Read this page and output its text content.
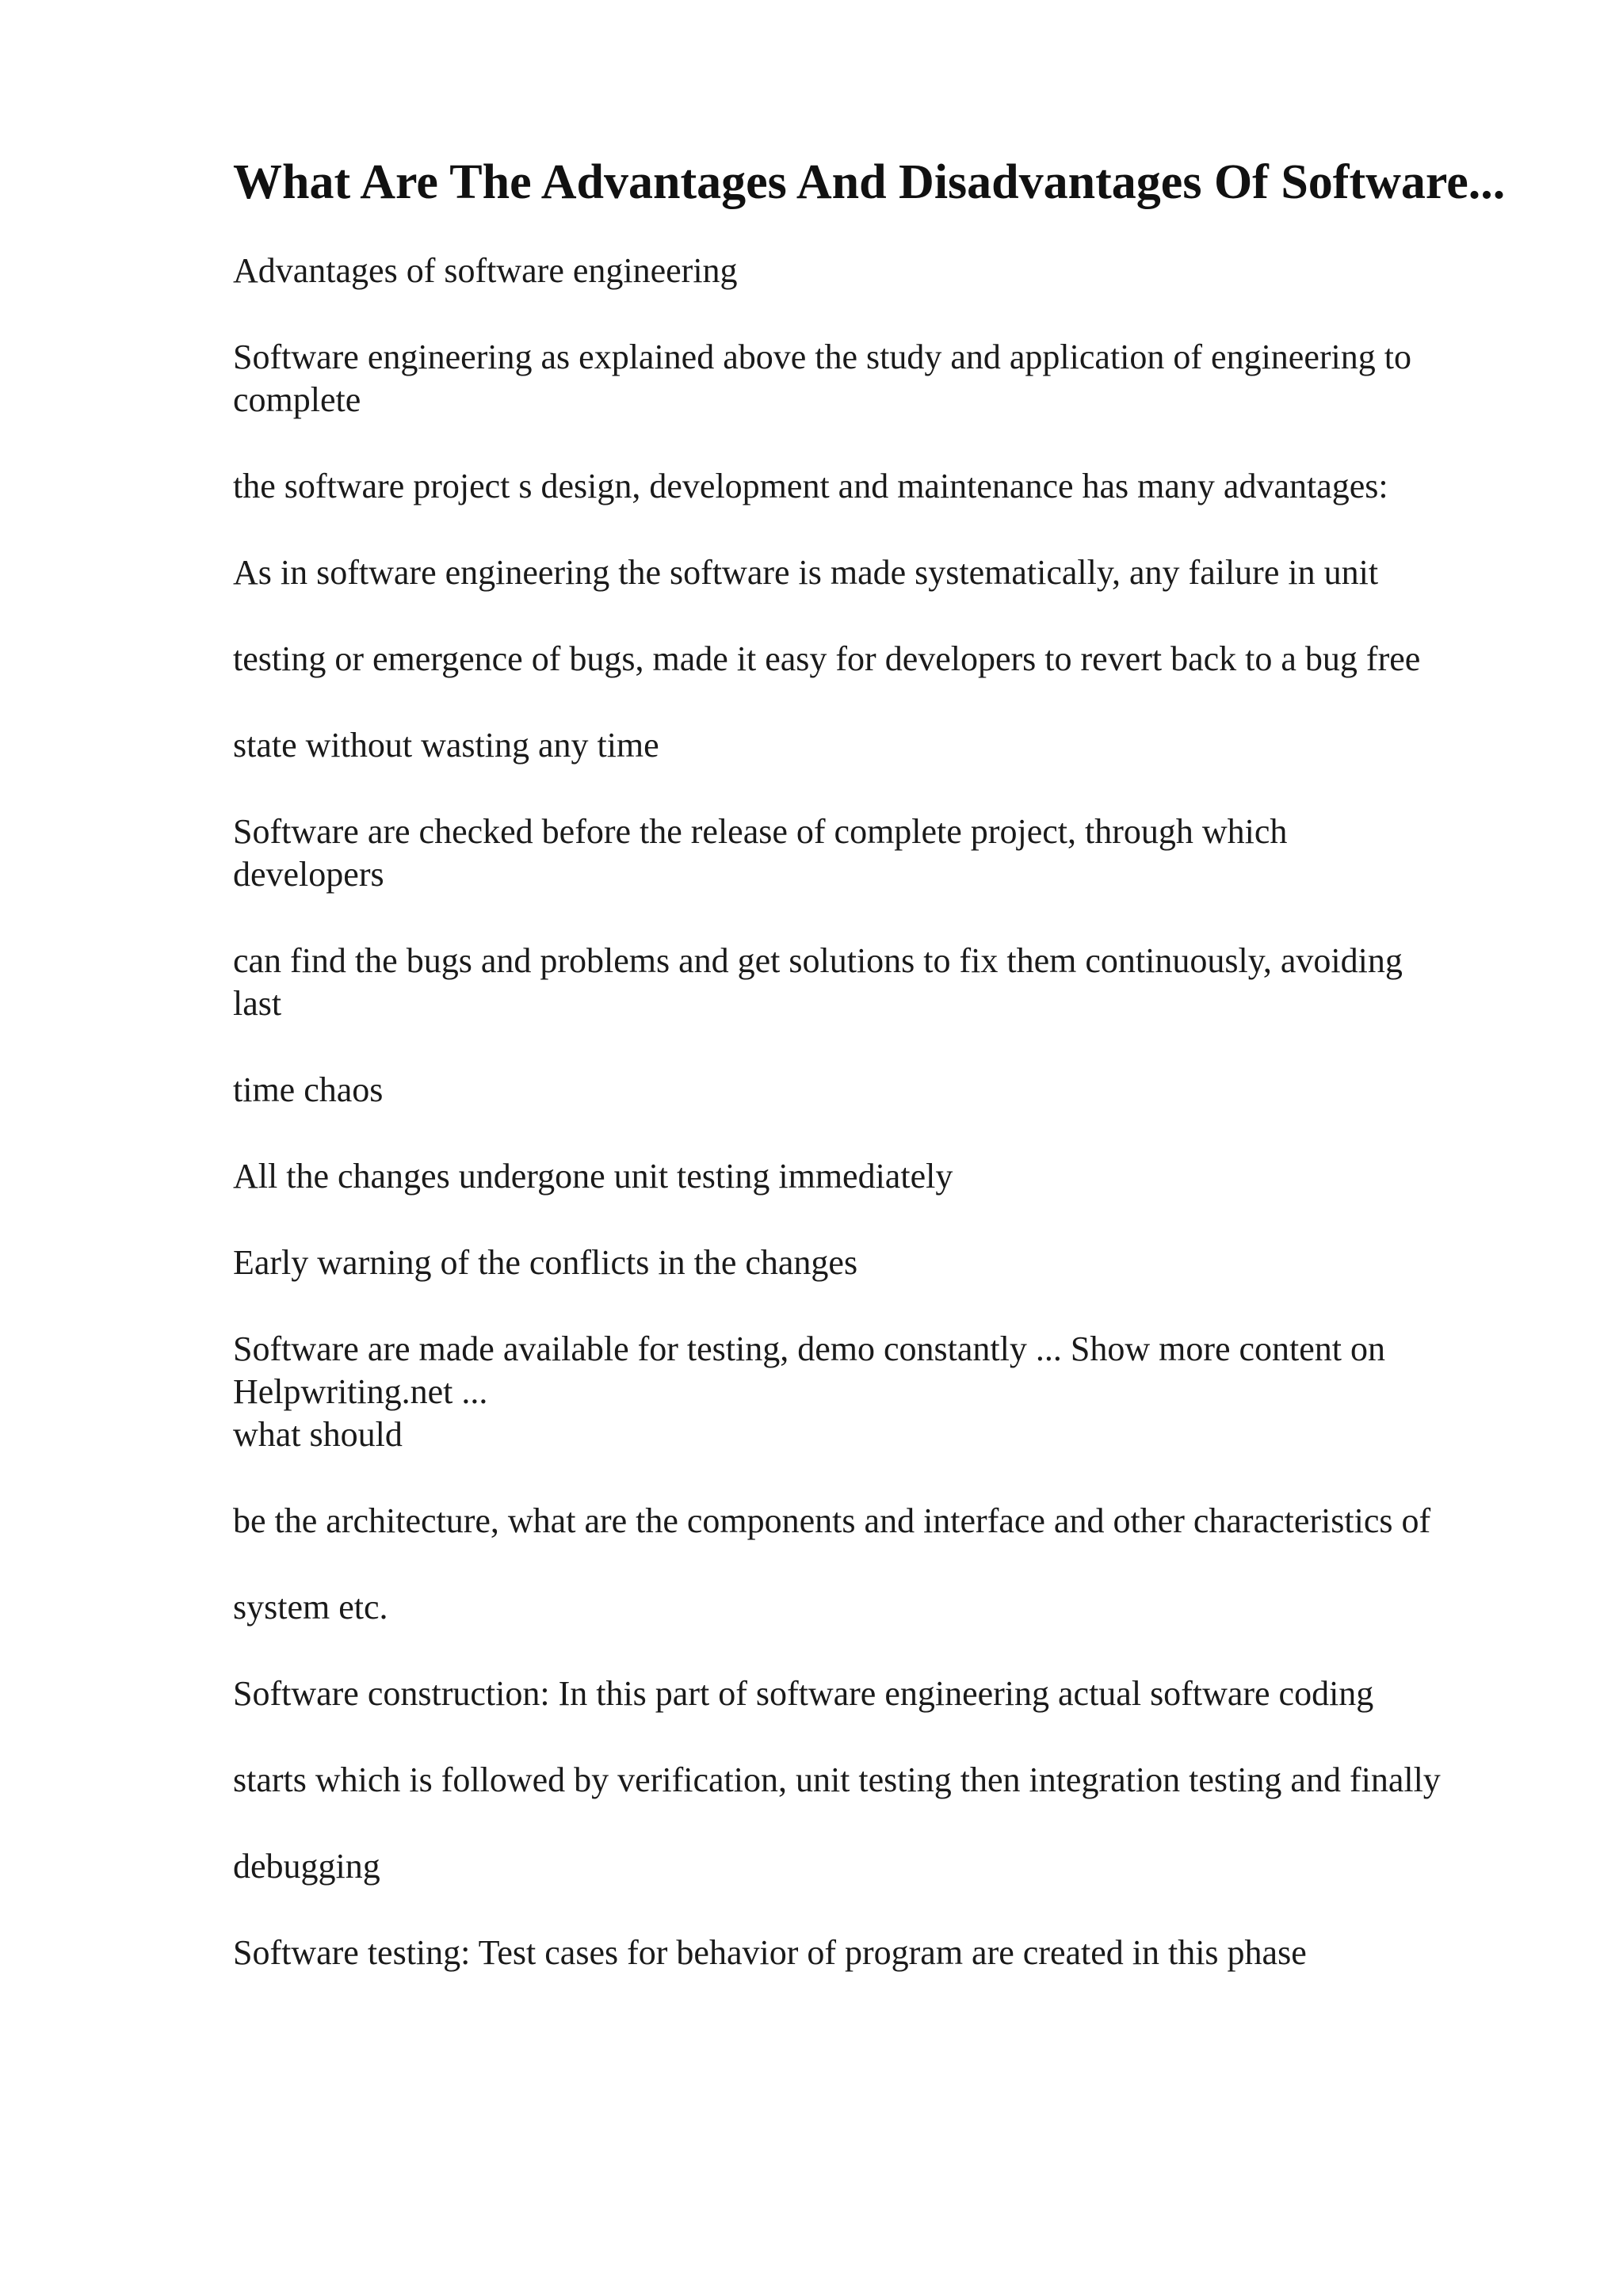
What Are The Advantages And Disadvantages Of Software...

Advantages of software engineering

Software engineering as explained above the study and application of engineering to

complete

the software project s design, development and maintenance has many advantages:

As in software engineering the software is made systematically, any failure in unit

testing or emergence of bugs, made it easy for developers to revert back to a bug free

state without wasting any time

Software are checked before the release of complete project, through which

developers

can find the bugs and problems and get solutions to fix them continuously, avoiding

last

time chaos

All the changes undergone unit testing immediately

Early warning of the conflicts in the changes

Software are made available for testing, demo constantly ... Show more content on

Helpwriting.net ...

what should

be the architecture, what are the components and interface and other characteristics of

system etc.

Software construction: In this part of software engineering actual software coding

starts which is followed by verification, unit testing then integration testing and finally

debugging

Software testing: Test cases for behavior of program are created in this phase
